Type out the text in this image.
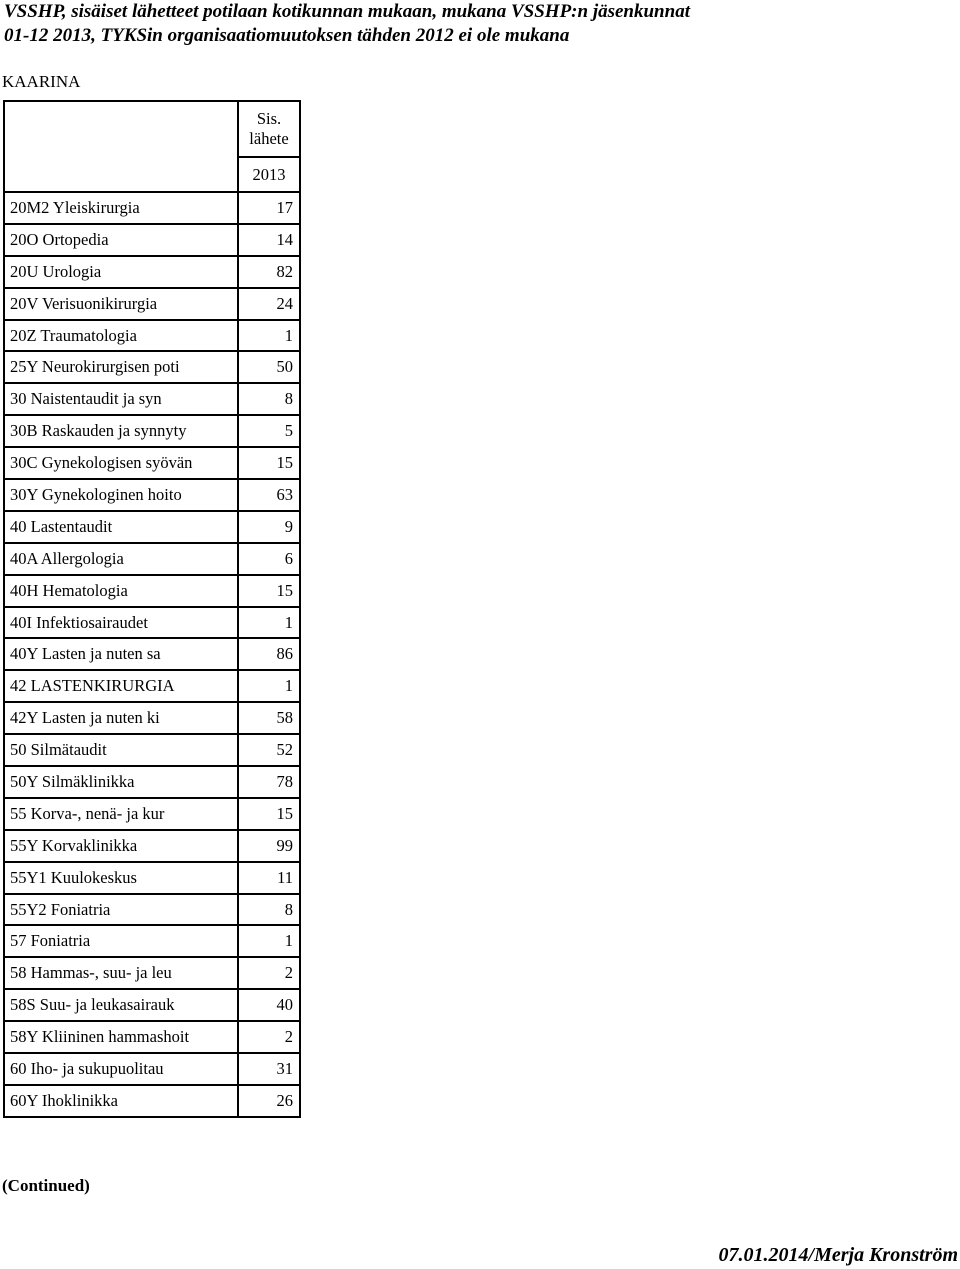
VSSHP, sisäiset lähetteet potilaan kotikunnan mukaan, mukana VSSHP:n jäsenkunnat
01-12 2013, TYKSin organisaatiomuutoksen tähden 2012 ei ole mukana
KAARINA
	Sis. lähete
	2013
20M2 Yleiskirurgia	17
20O Ortopedia	14
20U Urologia	82
20V Verisuonikirurgia	24
20Z Traumatologia	1
25Y Neurokirurgisen poti	50
30 Naistentaudit ja syn	8
30B Raskauden ja synnyty	5
30C Gynekologisen syövän	15
30Y Gynekologinen hoito	63
40 Lastentaudit	9
40A Allergologia	6
40H Hematologia	15
40I Infektiosairaudet	1
40Y Lasten ja nuten sa	86
42 LASTENKIRURGIA	1
42Y Lasten ja nuten ki	58
50 Silmätaudit	52
50Y Silmäklinikka	78
55 Korva-, nenä- ja kur	15
55Y Korvaklinikka	99
55Y1 Kuulokeskus	11
55Y2 Foniatria	8
57 Foniatria	1
58 Hammas-, suu- ja leu	2
58S Suu- ja leukasairauk	40
58Y Kliininen hammashoit	2
60 Iho- ja sukupuolitau	31
60Y Ihoklinikka	26
(Continued)
07.01.2014/Merja Kronström
